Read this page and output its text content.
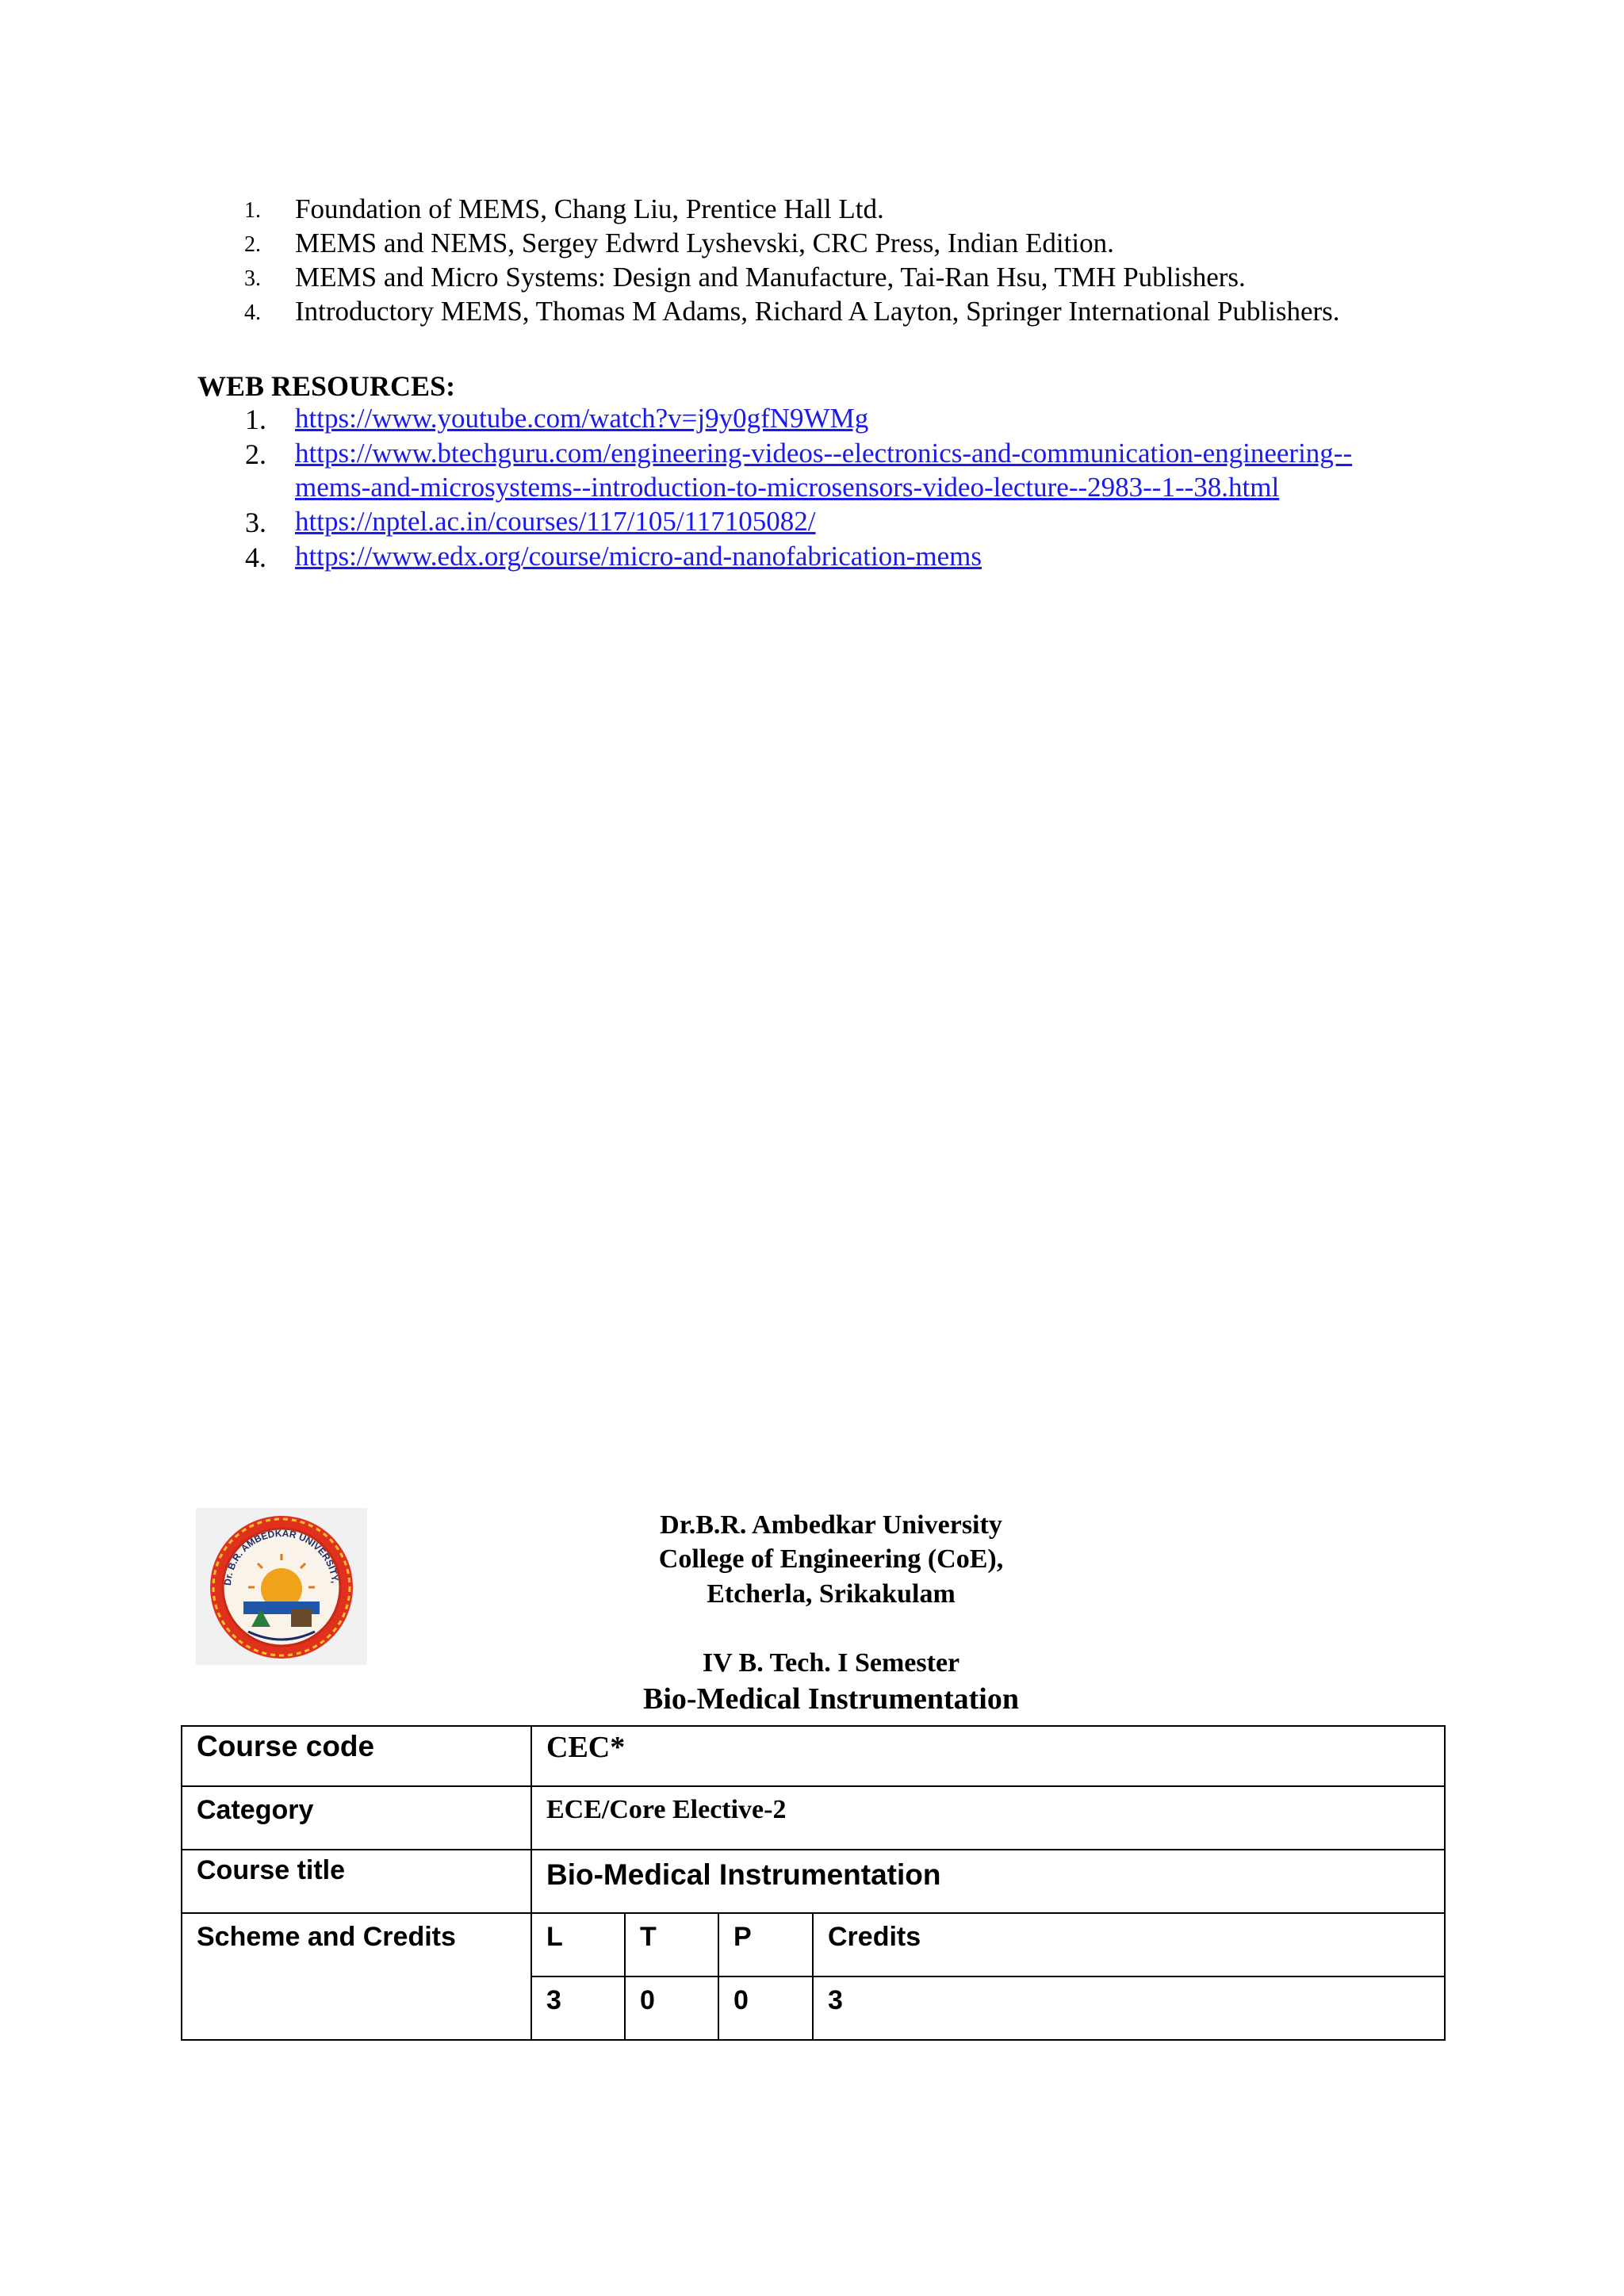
1. Foundation of MEMS, Chang Liu, Prentice Hall Ltd.
2. MEMS and NEMS, Sergey Edwrd Lyshevski, CRC Press, Indian Edition.
3. MEMS and Micro Systems: Design and Manufacture, Tai-Ran Hsu, TMH Publishers.
4. Introductory MEMS, Thomas M Adams, Richard A Layton, Springer International Publishers.
WEB RESOURCES:
1. https://www.youtube.com/watch?v=j9y0gfN9WMg
2. https://www.btechguru.com/engineering-videos--electronics-and-communication-engineering--
mems-and-microsystems--introduction-to-microsensors-video-lecture--2983--1--38.html
3. https://nptel.ac.in/courses/117/105/117105082/
4. https://www.edx.org/course/micro-and-nanofabrication-mems
Dr. B.R. AMBEDKAR UNIVERSITY,
Dr.B.R. Ambedkar University
College of Engineering (CoE),
Etcherla, Srikakulam
IV B. Tech. I Semester
Bio-Medical Instrumentation
Course code	CEC*			
Category	ECE/Core Elective-2			
Course title	Bio-Medical Instrumentation			
Scheme and Credits	L	T	P	Credits
	3	0	0	3
